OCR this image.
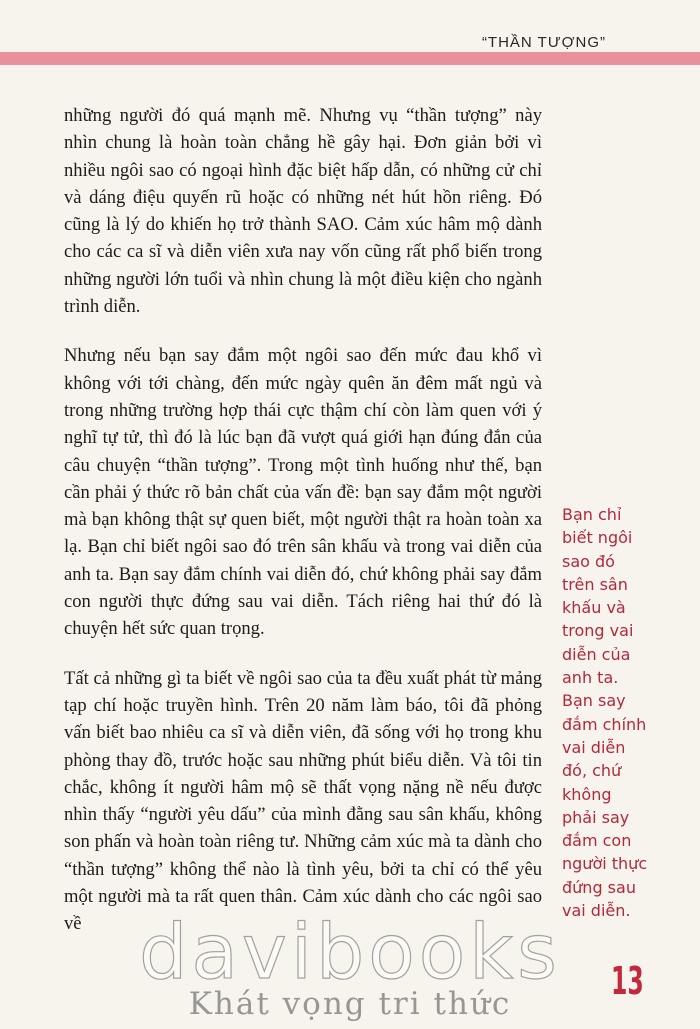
“THẦN TƯỢNG”

những người đó quá mạnh mẽ. Nhưng vụ “thần tượng” này nhìn chung là hoàn toàn chẳng hề gây hại. Đơn giản bởi vì nhiều ngôi sao có ngoại hình đặc biệt hấp dẫn, có những cử chỉ và dáng điệu quyến rũ hoặc có những nét hút hồn riêng. Đó cũng là lý do khiến họ trở thành SAO. Cảm xúc hâm mộ dành cho các ca sĩ và diễn viên xưa nay vốn cũng rất phổ biến trong những người lớn tuổi và nhìn chung là một điều kiện cho ngành trình diễn.

Nhưng nếu bạn say đắm một ngôi sao đến mức đau khổ vì không với tới chàng, đến mức ngày quên ăn đêm mất ngủ và trong những trường hợp thái cực thậm chí còn làm quen với ý nghĩ tự tử, thì đó là lúc bạn đã vượt quá giới hạn đúng đắn của câu chuyện “thần tượng”. Trong một tình huống như thế, bạn cần phải ý thức rõ bản chất của vấn đề: bạn say đắm một người mà bạn không thật sự quen biết, một người thật ra hoàn toàn xa lạ. Bạn chỉ biết ngôi sao đó trên sân khấu và trong vai diễn của anh ta. Bạn say đắm chính vai diễn đó, chứ không phải say đắm con người thực đứng sau vai diễn. Tách riêng hai thứ đó là chuyện hết sức quan trọng.

Tất cả những gì ta biết về ngôi sao của ta đều xuất phát từ mảng tạp chí hoặc truyền hình. Trên 20 năm làm báo, tôi đã phỏng vấn biết bao nhiêu ca sĩ và diễn viên, đã sống với họ trong khu phòng thay đồ, trước hoặc sau những phút biểu diễn. Và tôi tin chắc, không ít người hâm mộ sẽ thất vọng nặng nề nếu được nhìn thấy “người yêu dấu” của mình đằng sau sân khấu, không son phấn và hoàn toàn riêng tư. Những cảm xúc mà ta dành cho “thần tượng” không thể nào là tình yêu, bởi ta chỉ có thể yêu một người mà ta rất quen thân. Cảm xúc dành cho các ngôi sao về

Bạn chỉ biết ngôi sao đó trên sân khấu và trong vai diễn của anh ta. Bạn say đắm chính vai diễn đó, chứ không phải say đắm con người thực đứng sau vai diễn.
13
davibooks
Khát vọng tri thức
